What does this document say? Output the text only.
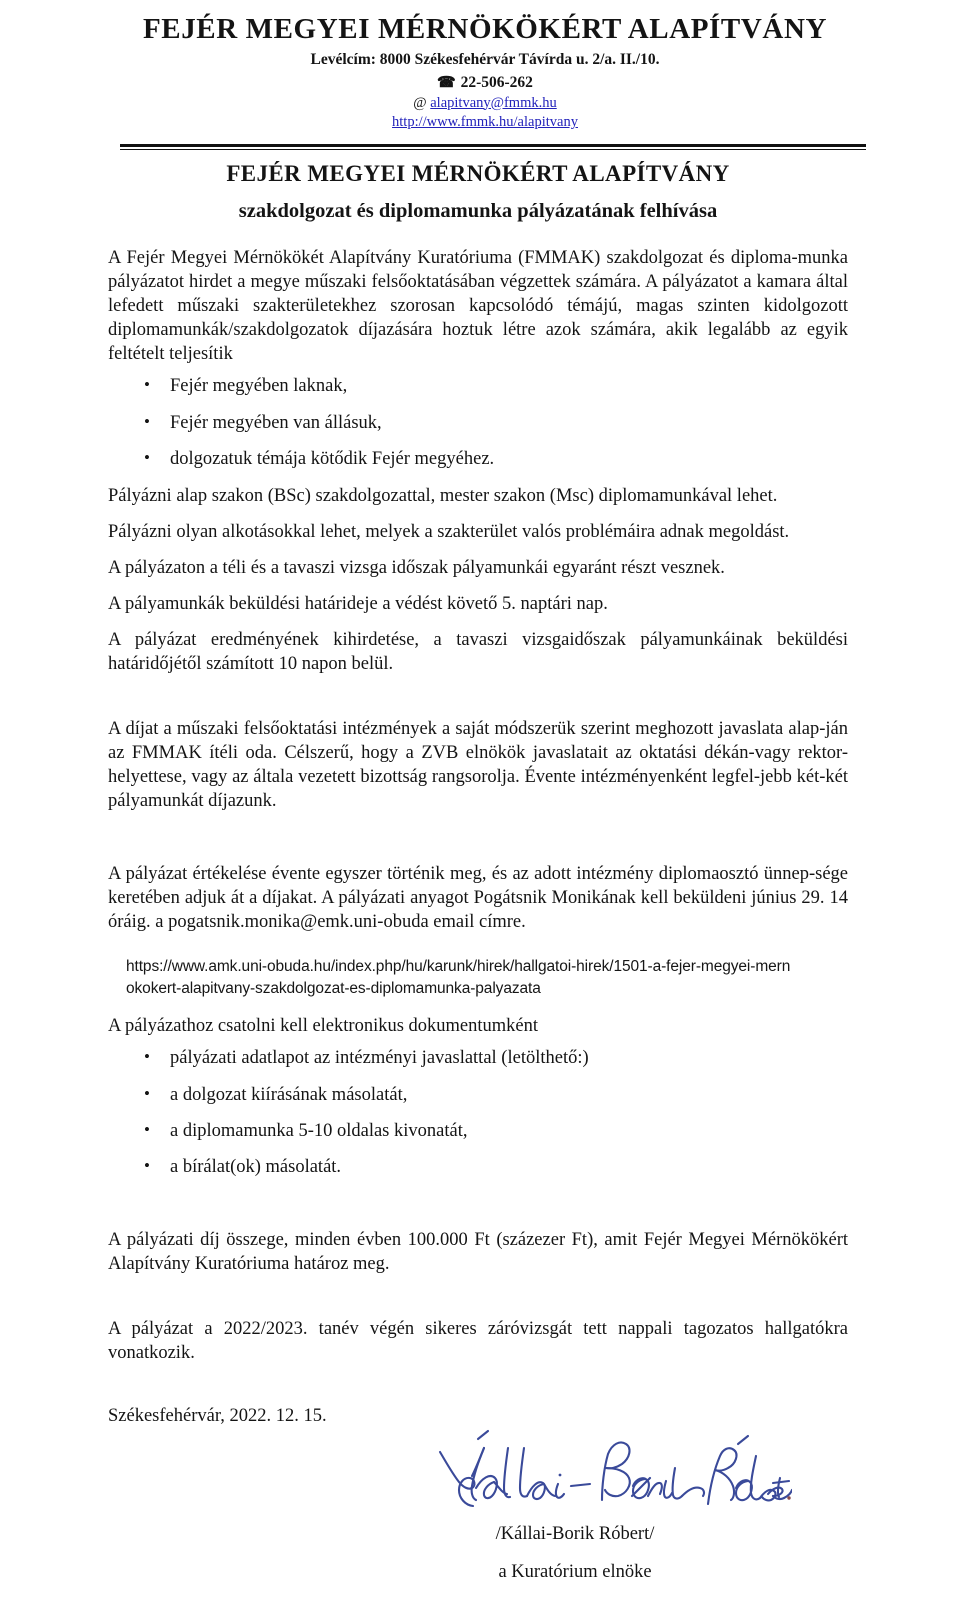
FEJÉR MEGYEI MÉRNÖKÖKÉRT ALAPÍTVÁNY
Levélcím: 8000 Székesfehérvár Távírda u. 2/a. II./10.
☎ 22-506-262
@ alapitvany@fmmk.hu
http://www.fmmk.hu/alapitvany
FEJÉR MEGYEI MÉRNÖKÉRT ALAPÍTVÁNY
szakdolgozat és diplomamunka pályázatának felhívása

A Fejér Megyei Mérnökökét Alapítvány Kuratóriuma (FMMAK) szakdolgozat és diploma-munka pályázatot hirdet a megye műszaki felsőoktatásában végzettek számára. A pályázatot a kamara által lefedett műszaki szakterületekhez szorosan kapcsolódó témájú, magas szinten kidolgozott diplomamunkák/szakdolgozatok díjazására hoztuk létre azok számára, akik legalább az egyik feltételt teljesítik

• Fejér megyében laknak,
• Fejér megyében van állásuk,
• dolgozatuk témája kötődik Fejér megyéhez.

Pályázni alap szakon (BSc) szakdolgozattal, mester szakon (Msc) diplomamunkával lehet.

Pályázni olyan alkotásokkal lehet, melyek a szakterület valós problémáira adnak megoldást.

A pályázaton a téli és a tavaszi vizsga időszak pályamunkái egyaránt részt vesznek.

A pályamunkák beküldési határideje a védést követő 5. naptári nap.

A pályázat eredményének kihirdetése, a tavaszi vizsgaidőszak pályamunkáinak beküldési határidőjétől számított 10 napon belül.

A díjat a műszaki felsőoktatási intézmények a saját módszerük szerint meghozott javaslata alap-ján az FMMAK ítéli oda. Célszerű, hogy a ZVB elnökök javaslatait az oktatási dékán-vagy rektor-helyettese, vagy az általa vezetett bizottság rangsorolja. Évente intézményenként legfel-jebb két-két pályamunkát díjazunk.

A pályázat értékelése évente egyszer történik meg, és az adott intézmény diplomaosztó ünnep-sége keretében adjuk át a díjakat. A pályázati anyagot Pogátsnik Monikának kell beküldeni június 29. 14 óráig. a pogatsnik.monika@emk.uni-obuda email címre.

https://www.amk.uni-obuda.hu/index.php/hu/karunk/hirek/hallgatoi-hirek/1501-a-fejer-megyei-mern
okokert-alapitvany-szakdolgozat-es-diplomamunka-palyazata

A pályázathoz csatolni kell elektronikus dokumentumként

• pályázati adatlapot az intézményi javaslattal (letölthető:)
• a dolgozat kiírásának másolatát,
• a diplomamunka 5-10 oldalas kivonatát,
• a bírálat(ok) másolatát.

A pályázati díj összege, minden évben 100.000 Ft (százezer Ft), amit Fejér Megyei Mérnökökért Alapítvány Kuratóriuma határoz meg.

A pályázat a 2022/2023. tanév végén sikeres záróvizsgát tett nappali tagozatos hallgatókra vonatkozik.

Székesfehérvár, 2022. 12. 15.

/Kállai-Borik Róbert/
a Kuratórium elnöke
